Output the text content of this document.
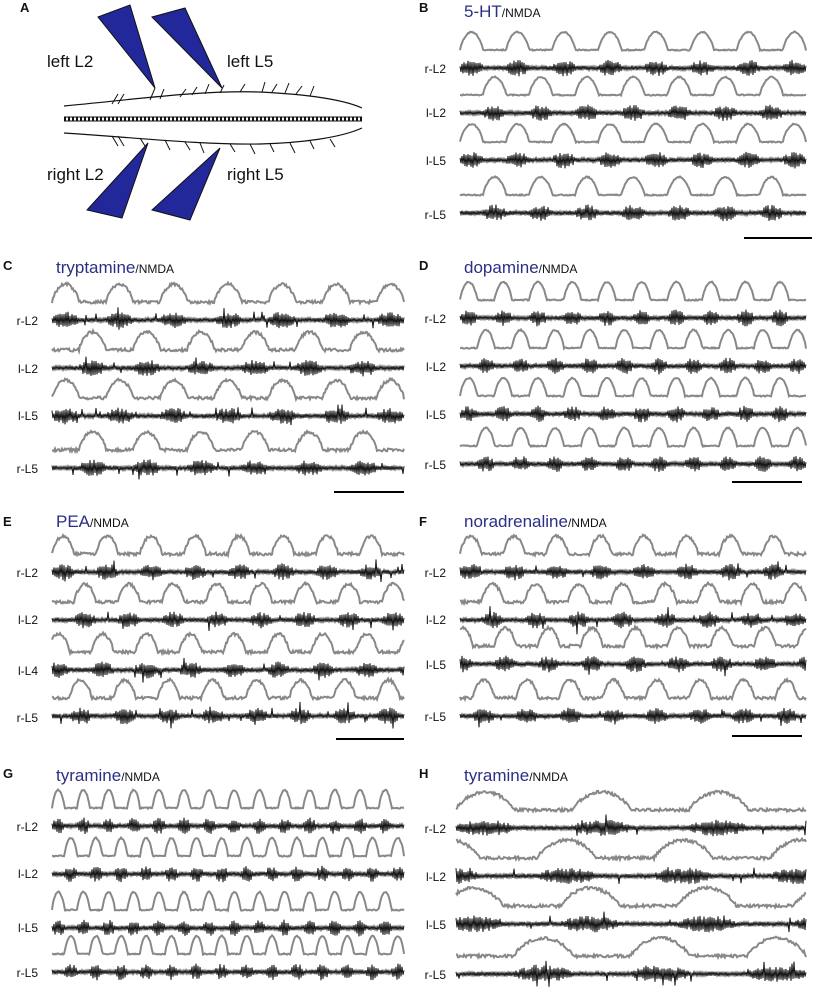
A
left L2	left L5
right L2	right L5
B 5-HT/NMDA
r-L2
l-L2
l-L5
r-L5
C	tryptamine/NMDA
r-L2
l-L2
l-L5
r-L5
D dopamine/NMDA
r-L2
l-L2
l-L5
r-L5
E	PEA/NMDA
r-L2
l-L2
l-L4
r-L5
F noradrenaline/NMDA
r-L2
l-L2
l-L5
r-L5
G	tyramine/NMDA
r-L2
l-L2
l-L5
r-L5
H tyramine/NMDA
r-L2
l-L2
l-L5
r-L5
